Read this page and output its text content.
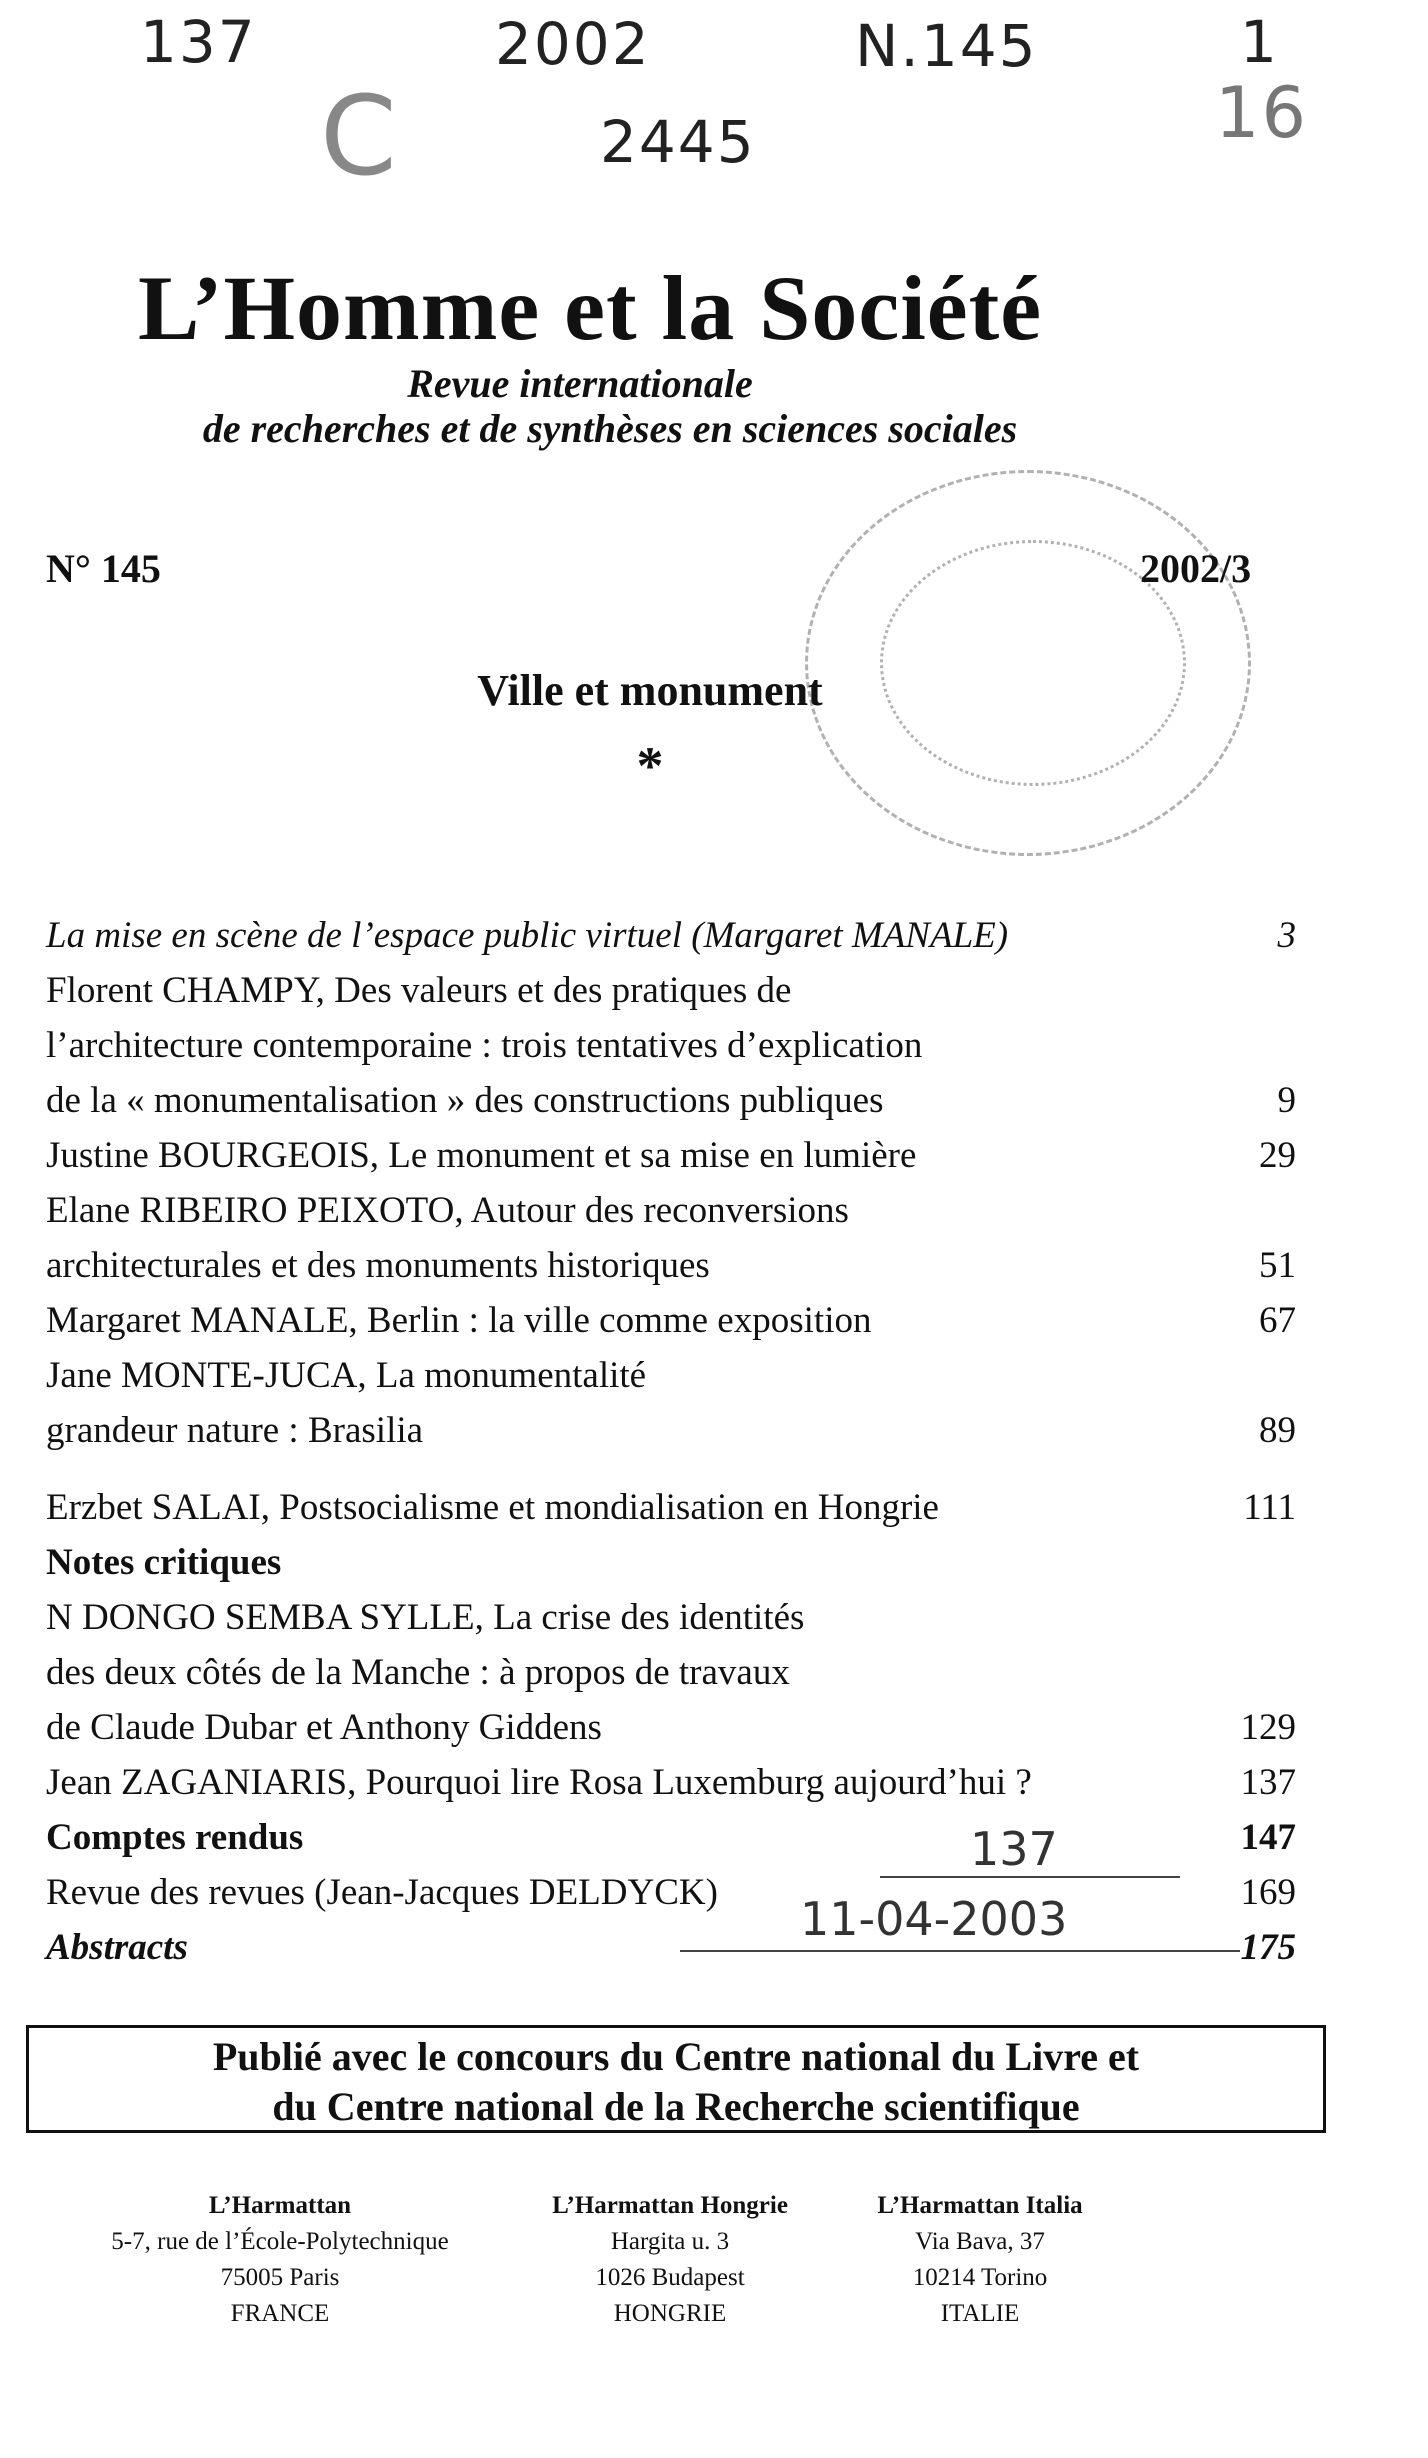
137	2002	N.145	1
C	2445	16
L’Homme et la Société
Revue internationale
de recherches et de synthèses en sciences sociales
N° 145	2002/3
Ville et monument
*
La mise en scène de l’espace public virtuel (Margaret MANALE)	3
Florent CHAMPY, Des valeurs et des pratiques de
l’architecture contemporaine : trois tentatives d’explication
de la « monumentalisation » des constructions publiques	9
Justine BOURGEOIS, Le monument et sa mise en lumière	29
Elane RIBEIRO PEIXOTO, Autour des reconversions
architecturales et des monuments historiques	51
Margaret MANALE, Berlin : la ville comme exposition	67
Jane MONTE-JUCA, La monumentalité
grandeur nature : Brasilia	89
Erzbet SALAI, Postsocialisme et mondialisation en Hongrie	111
Notes critiques
N DONGO SEMBA SYLLE, La crise des identités
des deux côtés de la Manche : à propos de travaux
de Claude Dubar et Anthony Giddens	129
Jean ZAGANIARIS, Pourquoi lire Rosa Luxemburg aujourd’hui ?	137
Comptes rendus	147
Revue des revues (Jean-Jacques DELDYCK)	169
Abstracts	175
137
11-04-2003
Publié avec le concours du Centre national du Livre et
du Centre national de la Recherche scientifique
L’Harmattan
5-7, rue de l’École-Polytechnique
75005 Paris
FRANCE
L’Harmattan Hongrie
Hargita u. 3
1026 Budapest
HONGRIE
L’Harmattan Italia
Via Bava, 37
10214 Torino
ITALIE
